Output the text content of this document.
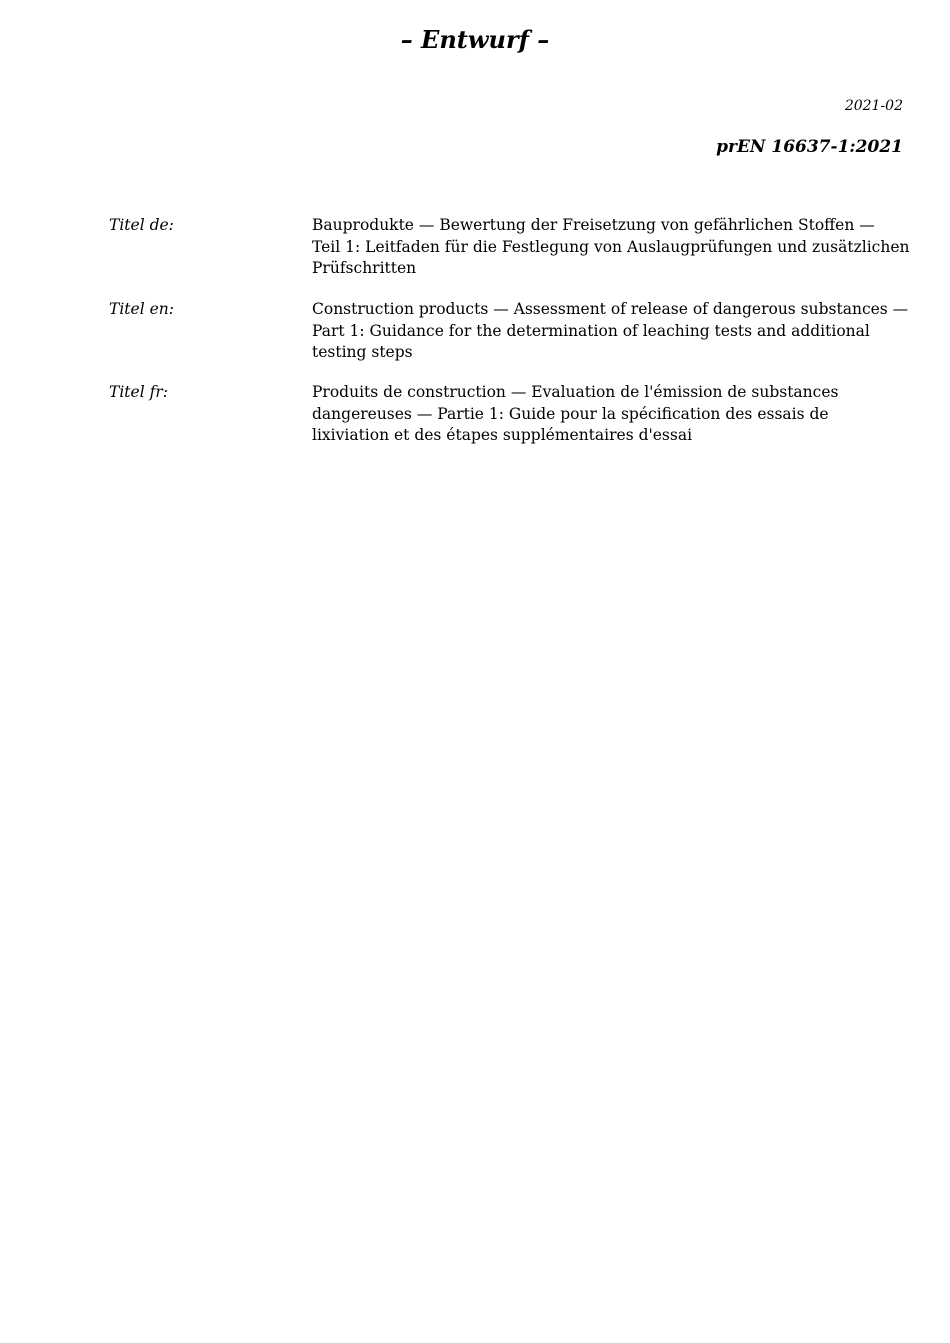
– Entwurf –
2021-02
prEN 16637-1:2021
Titel de:	Bauprodukte — Bewertung der Freisetzung von gefährlichen Stoffen —
Teil 1: Leitfaden für die Festlegung von Auslaugprüfungen und zusätzlichen
Prüfschritten
Titel en:	Construction products — Assessment of release of dangerous substances —
Part 1: Guidance for the determination of leaching tests and additional
testing steps
Titel fr:	Produits de construction — Evaluation de l'émission de substances
dangereuses — Partie 1: Guide pour la spécification des essais de
lixiviation et des étapes supplémentaires d'essai
